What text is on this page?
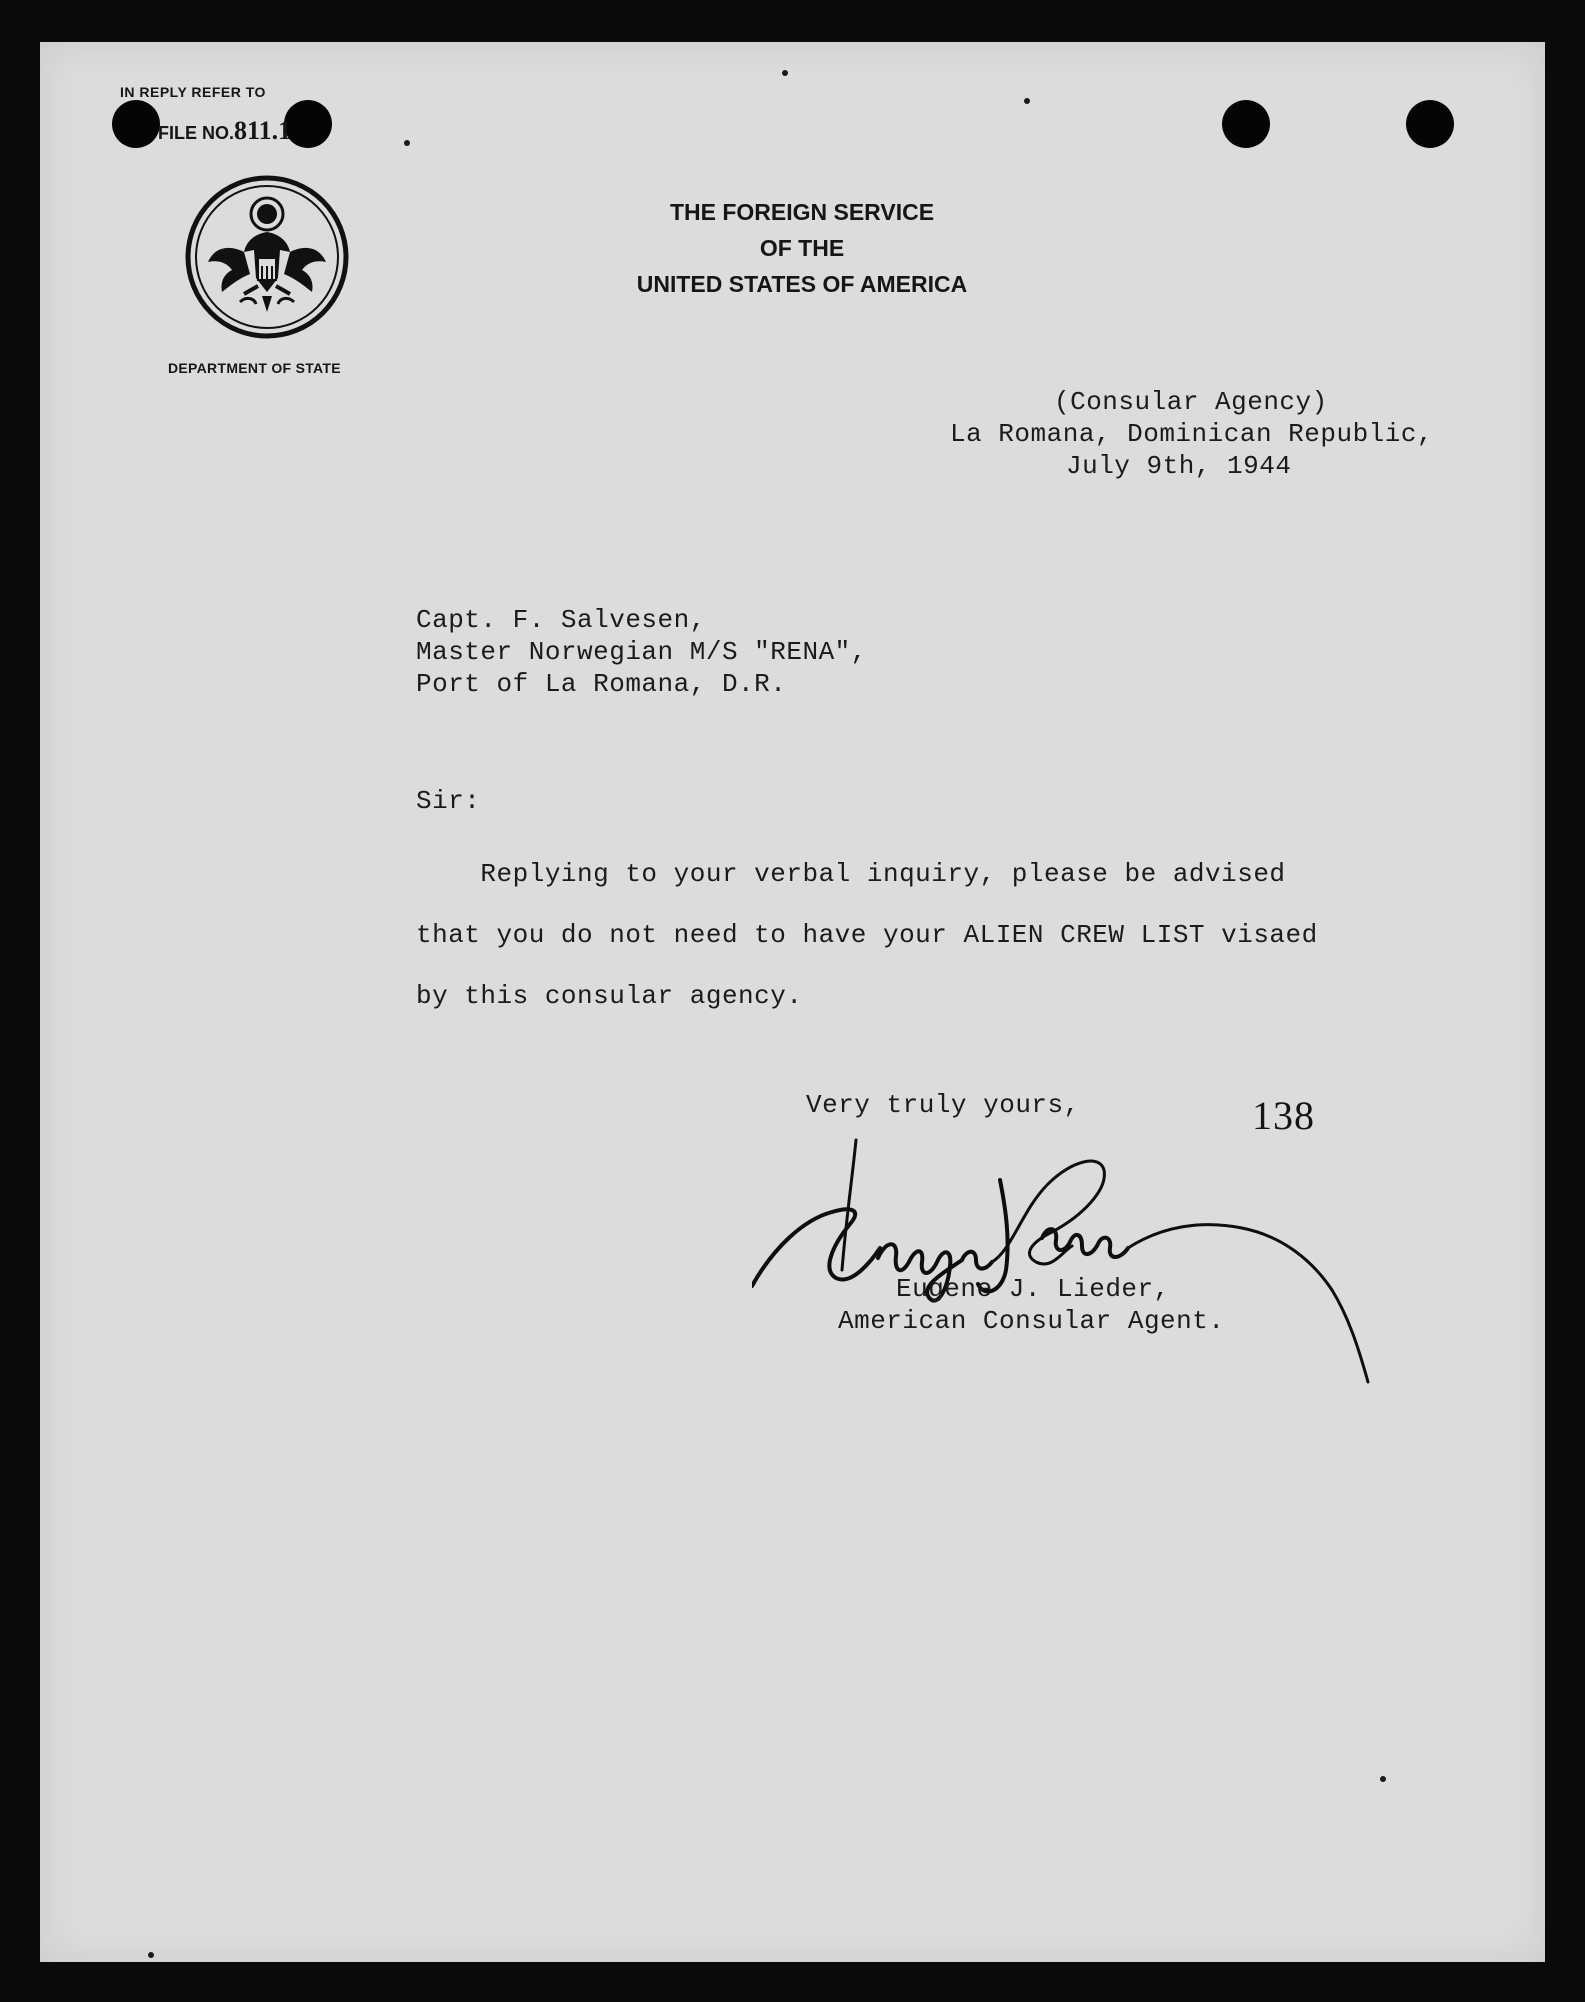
IN REPLY REFER TO
FILE NO.811.1
DEPARTMENT OF STATE
THE FOREIGN SERVICE
OF THE
UNITED STATES OF AMERICA
(Consular Agency)
La Romana, Dominican Republic,
July 9th, 1944
Capt. F. Salvesen,
Master Norwegian M/S "RENA",
Port of La Romana, D.R.
Sir:
Replying to your verbal inquiry, please be advised
that you do not need to have your ALIEN CREW LIST visaed
by this consular agency.
Very truly yours,	138
Eugene J. Lieder,
American Consular Agent.
